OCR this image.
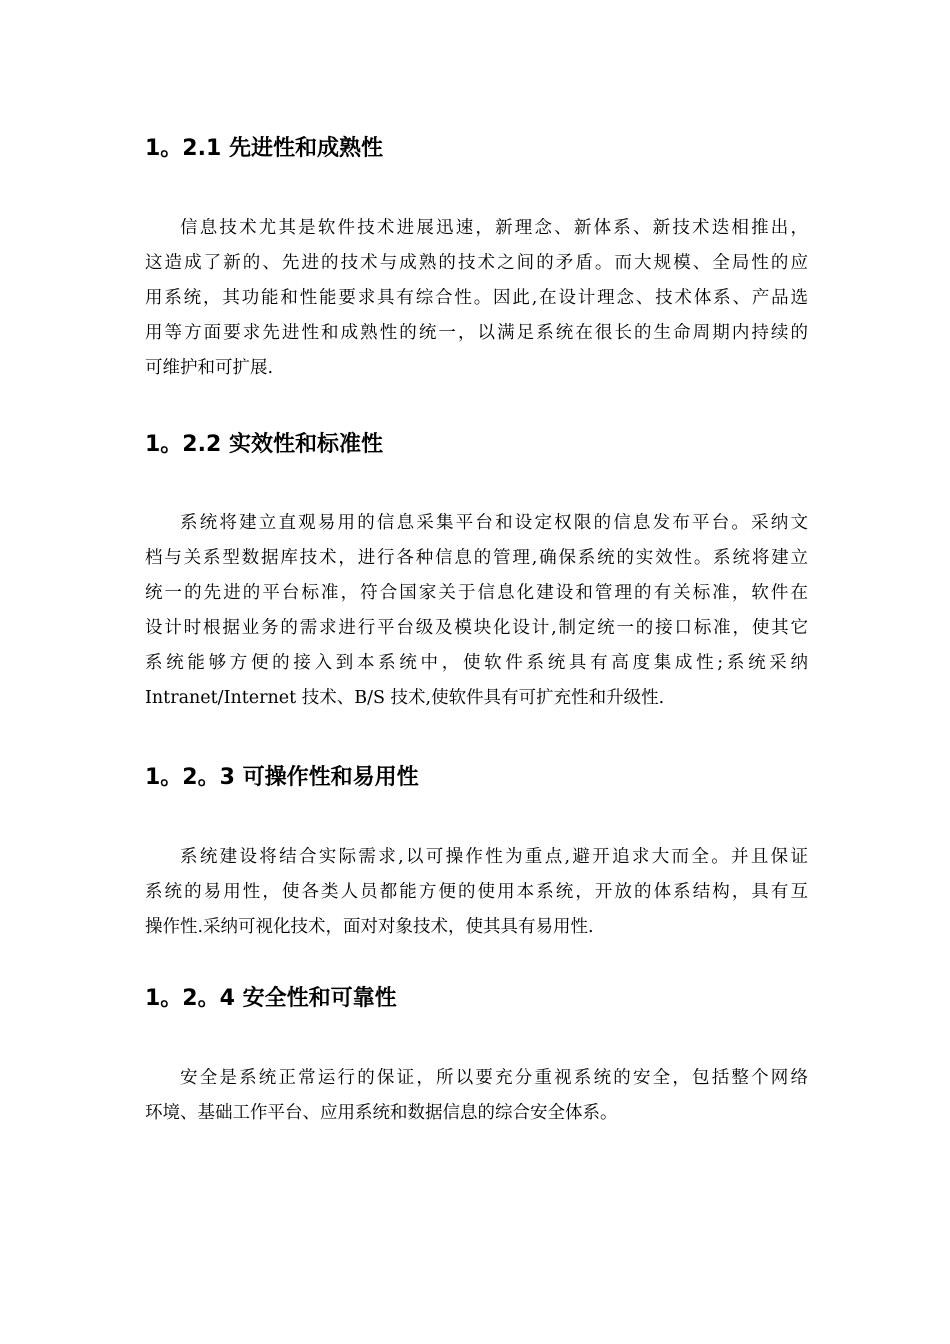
1。2.1 先进性和成熟性
信息技术尤其是软件技术进展迅速，新理念、新体系、新技术迭相推出，
这造成了新的、先进的技术与成熟的技术之间的矛盾。而大规模、全局性的应
用系统，其功能和性能要求具有综合性。因此,在设计理念、技术体系、产品选
用等方面要求先进性和成熟性的统一，以满足系统在很长的生命周期内持续的
可维护和可扩展.
1。2.2 实效性和标准性
系统将建立直观易用的信息采集平台和设定权限的信息发布平台。采纳文
档与关系型数据库技术，进行各种信息的管理,确保系统的实效性。系统将建立
统一的先进的平台标准，符合国家关于信息化建设和管理的有关标准，软件在
设计时根据业务的需求进行平台级及模块化设计,制定统一的接口标准，使其它
系统能够方便的接入到本系统中，使软件系统具有高度集成性;系统采纳
Intranet/Internet 技术、B/S 技术,使软件具有可扩充性和升级性.
1。2。3 可操作性和易用性
系统建设将结合实际需求,以可操作性为重点,避开追求大而全。并且保证
系统的易用性，使各类人员都能方便的使用本系统，开放的体系结构，具有互
操作性.采纳可视化技术，面对对象技术，使其具有易用性.
1。2。4 安全性和可靠性
安全是系统正常运行的保证，所以要充分重视系统的安全，包括整个网络
环境、基础工作平台、应用系统和数据信息的综合安全体系。
